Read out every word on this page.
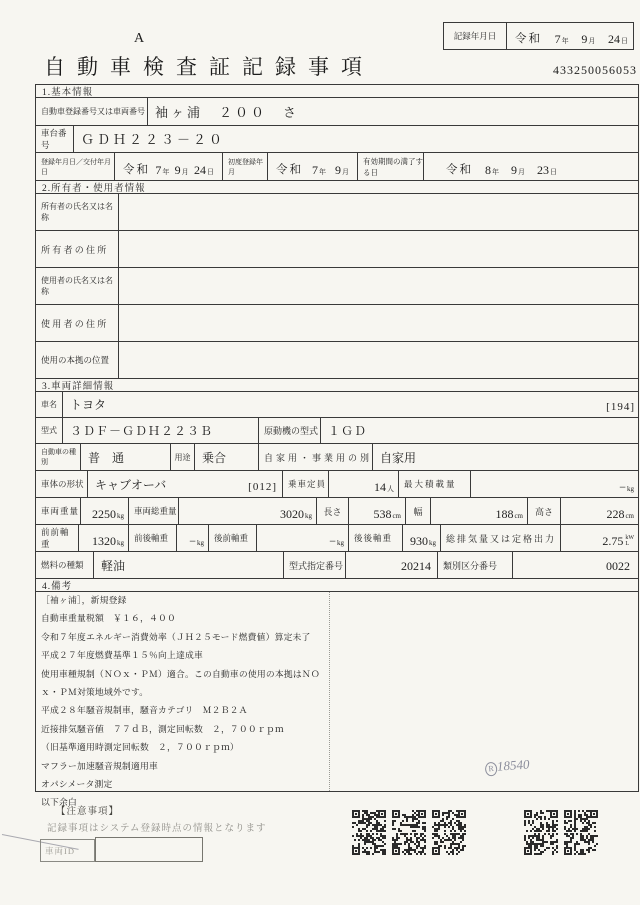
A
自動車検査証記録事項	433250056053
記録年月日	令和 7 年 9 月 24 日
1.基本情報
自動車登録番号又は車両番号 袖ヶ浦　２００　さ
車台番号	ＧＤＨ２２３－２０
登録年月日／交付年月日	令和 7 年 9 月 24 日
初度登録年月	令和 7 年 9 月
有効期間の満了する日	令和 8 年 9 月 23 日
2.所有者・使用者情報
所有者の氏名又は名称
所 有 者 の 住 所
使用者の氏名又は名称
使 用 者 の 住 所
使用の本拠の位置
3.車両詳細情報
車名	トヨタ	[194]
型式	３ＤＦ－ＧＤＨ２２３Ｂ	原動機の型式 １ＧＤ
自動車の種別	普　通	用途 乗合	自家用・事業用の別 自家用
車体の形状 キャブオーバ	[012]	乗車定員	14 人	最大積載量	− kg
車両重量 2250 kg	車両総重量	3020 kg	長さ	538 cm	幅	188 cm	高さ	228 cm
前前軸重	1320 kg	前後軸重	− kg	後前軸重	− kg	後後軸重	930 kg	総排気量又は定格出力	2.75 kW
L
燃料の種類	軽油	型式指定番号	20214	類別区分番号	0022
4.備考
［袖ヶ浦］，新規登録

自動車重量税額　￥１６，４００

令和７年度エネルギー消費効率（ＪＨ２５モード燃費値）算定未了

平成２７年度燃費基準１５％向上達成車

使用車種規制（ＮＯｘ・ＰＭ）適合。この自動車の使用の本拠はＮＯ

ｘ・ＰＭ対策地域外です。

平成２８年騒音規制車，騒音カテゴリ　Ｍ２Ｂ２Ａ

近接排気騒音値　７７ｄＢ，測定回転数　２，７００ｒｐｍ

（旧基準適用時測定回転数　２，７００ｒｐｍ）

マフラー加速騒音規制適用車

オパシメータ測定

以下余白
R 18540
【注意事項】
記録事項はシステム登録時点の情報となります
車両ID
